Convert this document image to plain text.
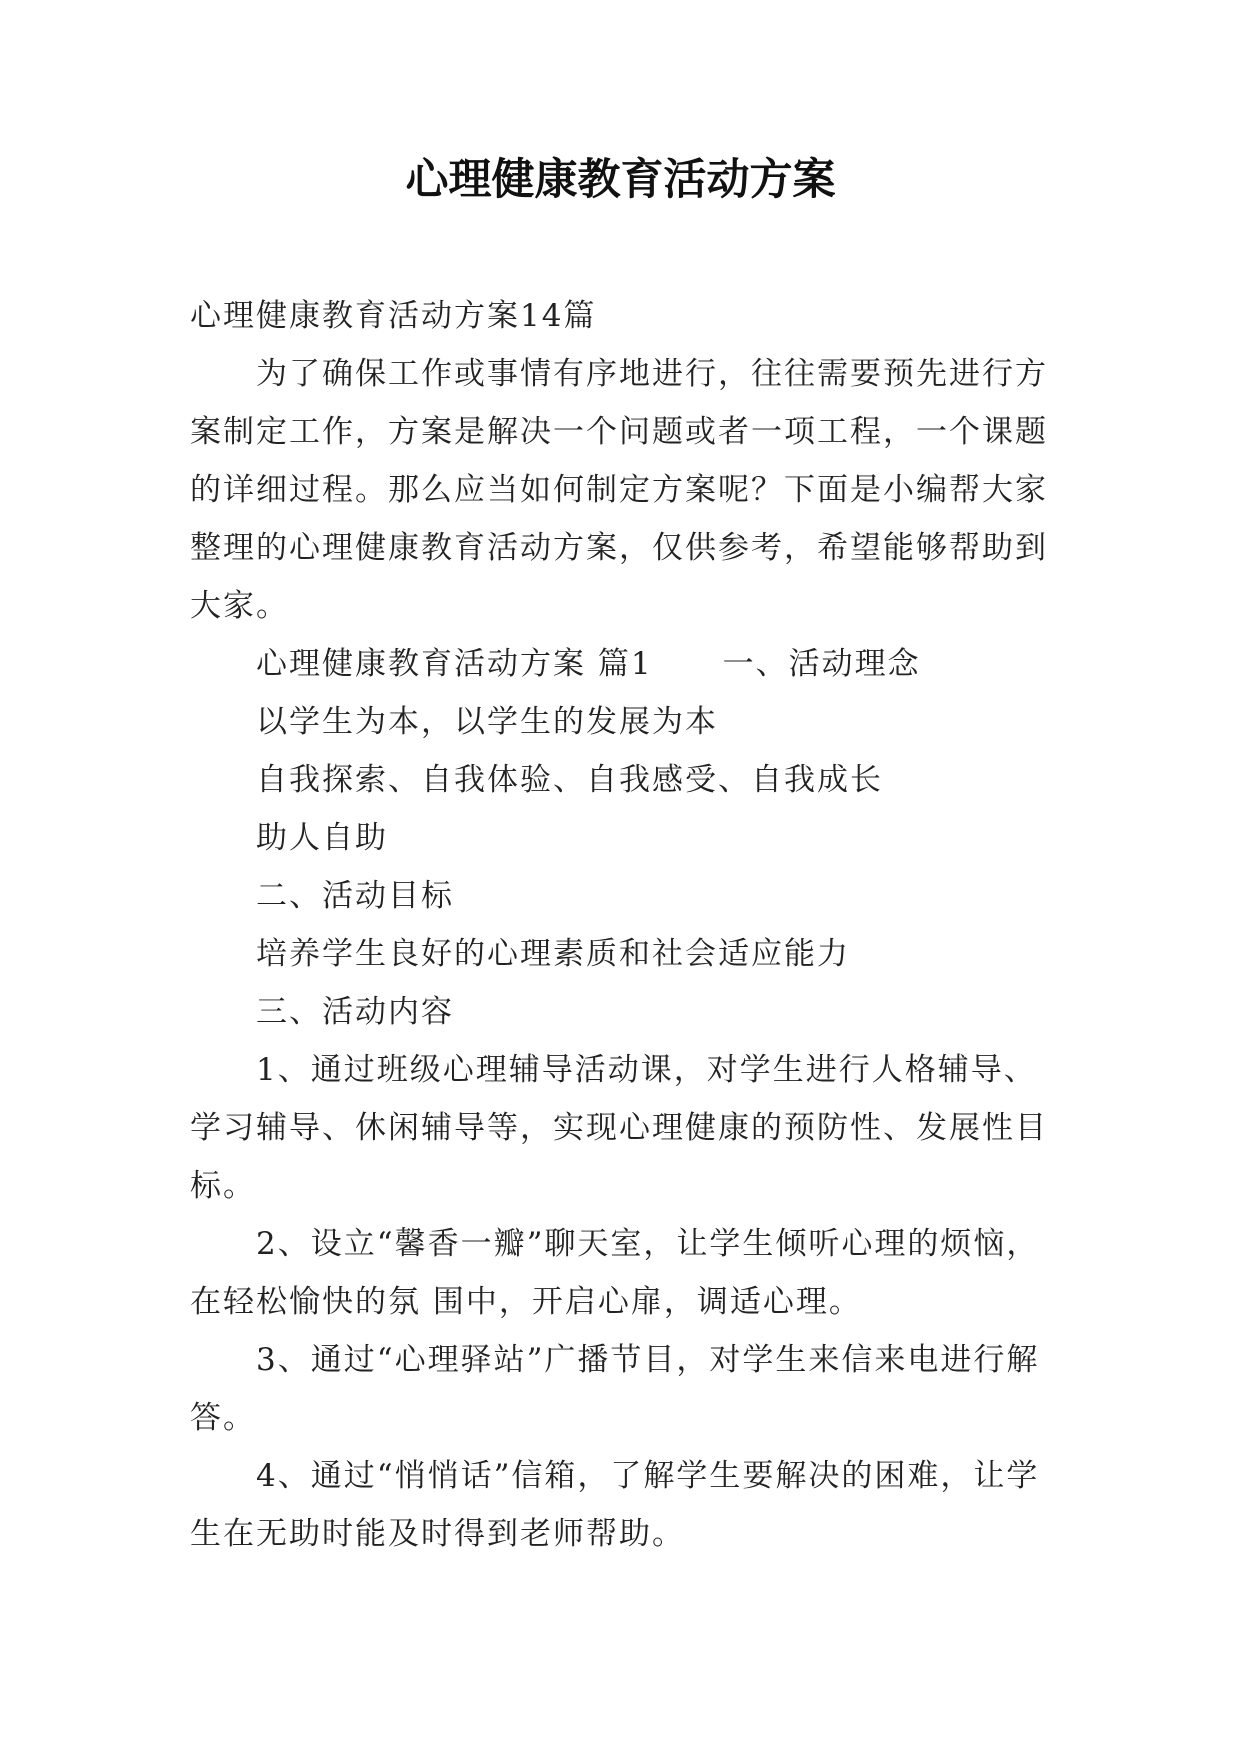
心理健康教育活动方案

心理健康教育活动方案14篇

为了确保工作或事情有序地进行，往往需要预先进行方案制定工作，方案是解决一个问题或者一项工程，一个课题的详细过程。那么应当如何制定方案呢？下面是小编帮大家整理的心理健康教育活动方案，仅供参考，希望能够帮助到大家。

心理健康教育活动方案 篇1 一、活动理念

以学生为本，以学生的发展为本

自我探索、自我体验、自我感受、自我成长

助人自助

二、活动目标

培养学生良好的心理素质和社会适应能力

三、活动内容

1、通过班级心理辅导活动课，对学生进行人格辅导、学习辅导、休闲辅导等，实现心理健康的预防性、发展性目标。

2、设立“馨香一瓣”聊天室，让学生倾听心理的烦恼，在轻松愉快的氛 围中，开启心扉，调适心理。

3、通过“心理驿站”广播节目，对学生来信来电进行解答。

4、通过“悄悄话”信箱，了解学生要解决的困难，让学生在无助时能及时得到老师帮助。
